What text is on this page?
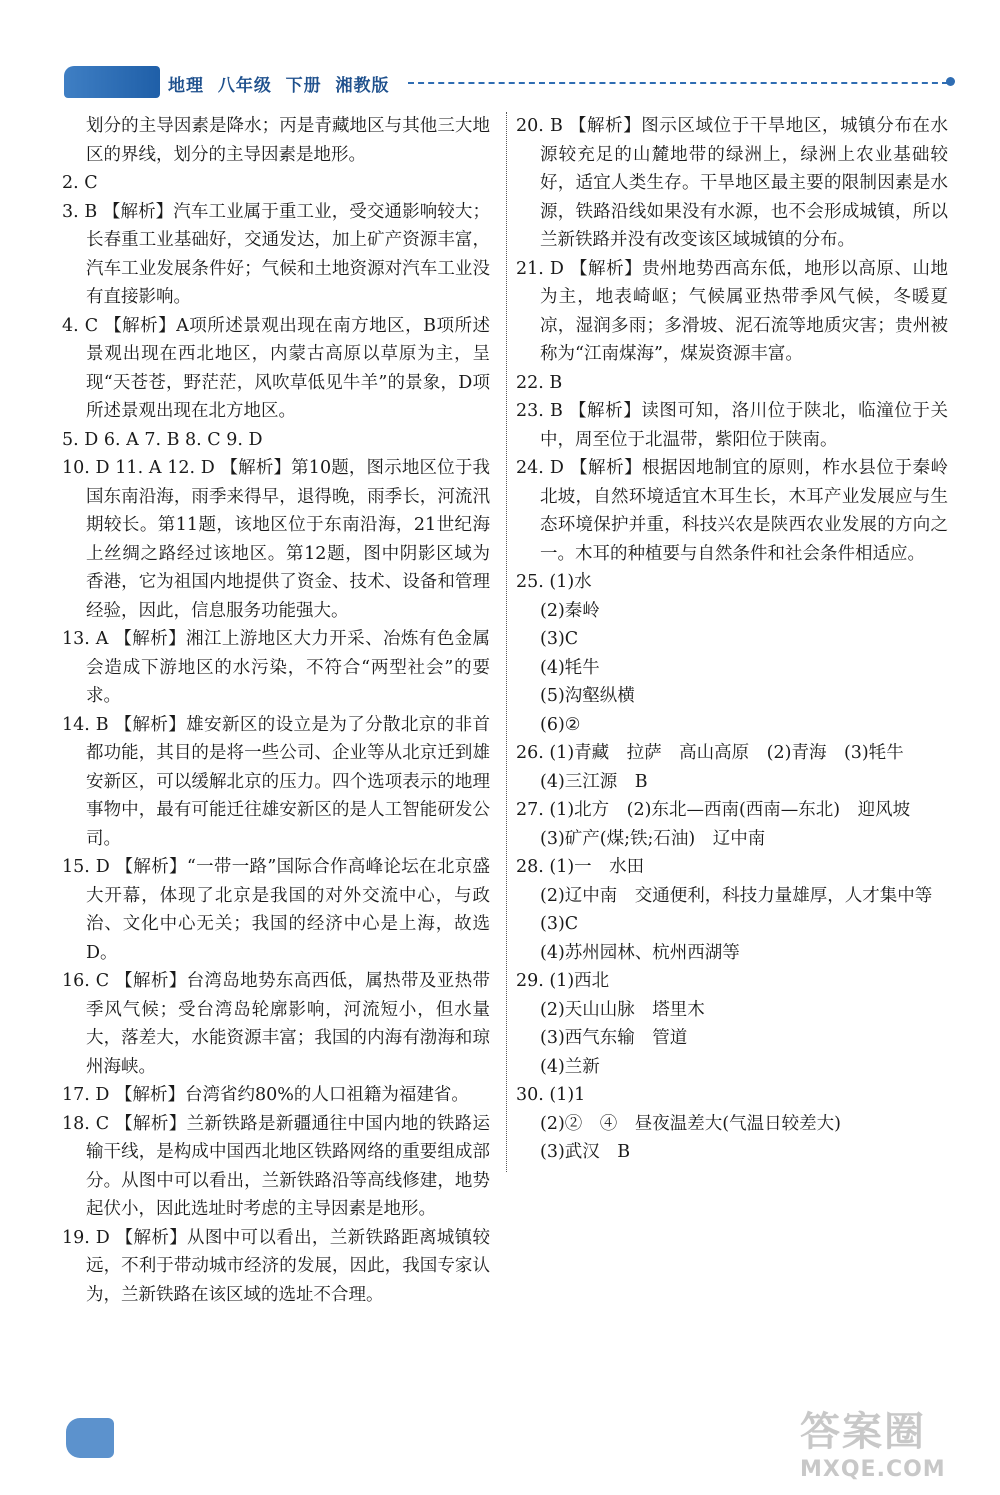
地理  八年级  下册  湘教版
划分的主导因素是降水；丙是青藏地区与其他三大地区的界线，划分的主导因素是地形。
2. C
3. B 【解析】汽车工业属于重工业，受交通影响较大；长春重工业基础好，交通发达，加上矿产资源丰富，汽车工业发展条件好；气候和土地资源对汽车工业没有直接影响。
4. C 【解析】A项所述景观出现在南方地区，B项所述景观出现在西北地区，内蒙古高原以草原为主，呈现“天苍苍，野茫茫，风吹草低见牛羊”的景象，D项所述景观出现在北方地区。
5. D 6. A 7. B 8. C 9. D
10. D 11. A 12. D 【解析】第10题，图示地区位于我国东南沿海，雨季来得早，退得晚，雨季长，河流汛期较长。第11题，该地区位于东南沿海，21世纪海上丝绸之路经过该地区。第12题，图中阴影区域为香港，它为祖国内地提供了资金、技术、设备和管理经验，因此，信息服务功能强大。
13. A 【解析】湘江上游地区大力开采、冶炼有色金属会造成下游地区的水污染，不符合“两型社会”的要求。
14. B 【解析】雄安新区的设立是为了分散北京的非首都功能，其目的是将一些公司、企业等从北京迁到雄安新区，可以缓解北京的压力。四个选项表示的地理事物中，最有可能迁往雄安新区的是人工智能研发公司。
15. D 【解析】“一带一路”国际合作高峰论坛在北京盛大开幕，体现了北京是我国的对外交流中心，与政治、文化中心无关；我国的经济中心是上海，故选D。
16. C 【解析】台湾岛地势东高西低，属热带及亚热带季风气候；受台湾岛轮廓影响，河流短小，但水量大，落差大，水能资源丰富；我国的内海有渤海和琼州海峡。
17. D 【解析】台湾省约80%的人口祖籍为福建省。
18. C 【解析】兰新铁路是新疆通往中国内地的铁路运输干线，是构成中国西北地区铁路网络的重要组成部分。从图中可以看出，兰新铁路沿等高线修建，地势起伏小，因此选址时考虑的主导因素是地形。
19. D 【解析】从图中可以看出，兰新铁路距离城镇较远，不利于带动城市经济的发展，因此，我国专家认为，兰新铁路在该区域的选址不合理。
20. B 【解析】图示区域位于干旱地区，城镇分布在水源较充足的山麓地带的绿洲上，绿洲上农业基础较好，适宜人类生存。干旱地区最主要的限制因素是水源，铁路沿线如果没有水源，也不会形成城镇，所以兰新铁路并没有改变该区域城镇的分布。
21. D 【解析】贵州地势西高东低，地形以高原、山地为主，地表崎岖；气候属亚热带季风气候，冬暖夏凉，湿润多雨；多滑坡、泥石流等地质灾害；贵州被称为“江南煤海”，煤炭资源丰富。
22. B
23. B 【解析】读图可知，洛川位于陕北，临潼位于关中，周至位于北温带，紫阳位于陕南。
24. D 【解析】根据因地制宜的原则，柞水县位于秦岭北坡，自然环境适宜木耳生长，木耳产业发展应与生态环境保护并重，科技兴农是陕西农业发展的方向之一。木耳的种植要与自然条件和社会条件相适应。
25. (1)水
(2)秦岭
(3)C
(4)牦牛
(5)沟壑纵横
(6)②
26. (1)青藏　拉萨　高山高原　(2)青海　(3)牦牛
(4)三江源　B
27. (1)北方　(2)东北—西南(西南—东北)　迎风坡
(3)矿产(煤;铁;石油)　辽中南
28. (1)一　水田
(2)辽中南　交通便利，科技力量雄厚，人才集中等
(3)C
(4)苏州园林、杭州西湖等
29. (1)西北
(2)天山山脉　塔里木
(3)西气东输　管道
(4)兰新
30. (1)1
(2)②　④　昼夜温差大(气温日较差大)
(3)武汉　B
答案圈
MXQE.COM
